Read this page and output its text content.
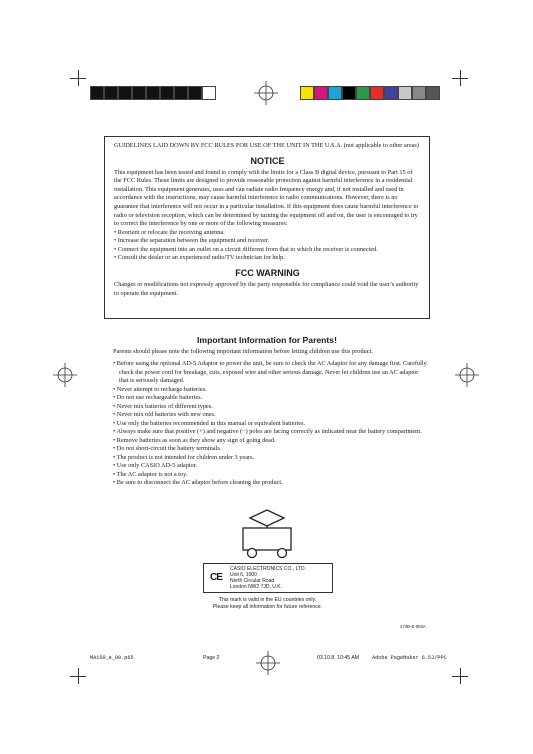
GUIDELINES LAID DOWN BY FCC RULES FOR USE OF THE UNIT IN THE U.S.A. (not applicable to other areas)

NOTICE

This equipment has been tested and found to comply with the limits for a Class B digital device, pursuant to Part 15 of the FCC Rules. These limits are designed to provide reasonable protection against harmful interference in a residential installation. This equipment generates, uses and can radiate radio frequency energy and, if not installed and used in accordance with the instructions, may cause harmful interference to radio communications. However, there is no guarantee that interference will not occur in a particular installation. If this equipment does cause harmful interference to radio or television reception, which can be determined by turning the equipment off and on, the user is encouraged to try to correct the interference by one or more of the following measures:

• Reorient or relocate the receiving antenna.
• Increase the separation between the equipment and receiver.
• Connect the equipment into an outlet on a circuit different from that to which the receiver is connected.
• Consult the dealer or an experienced radio/TV technician for help.
FCC WARNING

Changes or modifications not expressly approved by the party responsible for compliance could void the user’s authority to operate the equipment.

Important Information for Parents!

Parents should please note the following important information before letting children use this product.

• Before using the optional AD-5 Adaptor to power the unit, be sure to check the AC Adaptor for any damage first. Carefully check the power cord for breakage, cuts, exposed wire and other serious damage. Never let children use an AC adaptor that is seriously damaged.
• Never attempt to recharge batteries.
• Do not use rechargeable batteries.
• Never mix batteries of different types.
• Never mix old batteries with new ones.
• Use only the batteries recommended in this manual or equivalent batteries.
• Always make sure that positive (+) and negative (−) poles are facing correctly as indicated near the battery compartment.
• Remove batteries as soon as they show any sign of going dead.
• Do not short-circuit the battery terminals.
• The product is not intended for children under 3 years.
• Use only CASIO AD-5 adaptor.
• The AC adaptor is not a toy.
• Be sure to disconnect the AC adaptor before cleaning the product.
CE
CASIO ELECTRONICS CO., LTD.
Unit 6, 1000
North Circular Road
London NW2 7JD, U.K.
This mark is valid in the EU countries only.
Please keep all information for future reference.
274B-E-002A
MA150_e_00.p65	Page 2	03.10.8, 10:45 AM Adobe PageMaker 6.5J/PPC
